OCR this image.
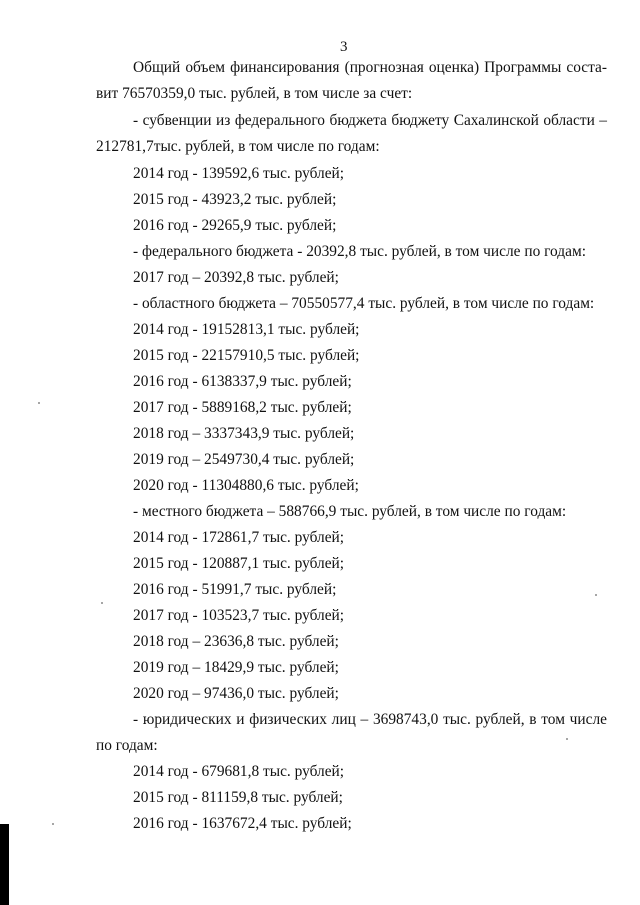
3
Общий объем финансирования (прогнозная оценка) Программы соста-
вит 76570359,0 тыс. рублей, в том числе за счет:
- субвенции из федерального бюджета бюджету Сахалинской области –
212781,7тыс. рублей, в том числе по годам:
2014 год - 139592,6 тыс. рублей;
2015 год - 43923,2 тыс. рублей;
2016 год - 29265,9 тыс. рублей;
- федерального бюджета - 20392,8 тыс. рублей, в том числе по годам:
2017 год – 20392,8 тыс. рублей;
- областного бюджета – 70550577,4 тыс. рублей, в том числе по годам:
2014 год - 19152813,1 тыс. рублей;
2015 год - 22157910,5 тыс. рублей;
2016 год - 6138337,9 тыс. рублей;
2017 год - 5889168,2 тыс. рублей;
2018 год – 3337343,9 тыс. рублей;
2019 год – 2549730,4 тыс. рублей;
2020 год - 11304880,6 тыс. рублей;
- местного бюджета – 588766,9 тыс. рублей, в том числе по годам:
2014 год - 172861,7 тыс. рублей;
2015 год - 120887,1 тыс. рублей;
2016 год - 51991,7 тыс. рублей;
2017 год - 103523,7 тыс. рублей;
2018 год – 23636,8 тыс. рублей;
2019 год – 18429,9 тыс. рублей;
2020 год – 97436,0 тыс. рублей;
- юридических и физических лиц – 3698743,0 тыс. рублей, в том числе
по годам:
2014 год - 679681,8 тыс. рублей;
2015 год - 811159,8 тыс. рублей;
2016 год - 1637672,4 тыс. рублей;
